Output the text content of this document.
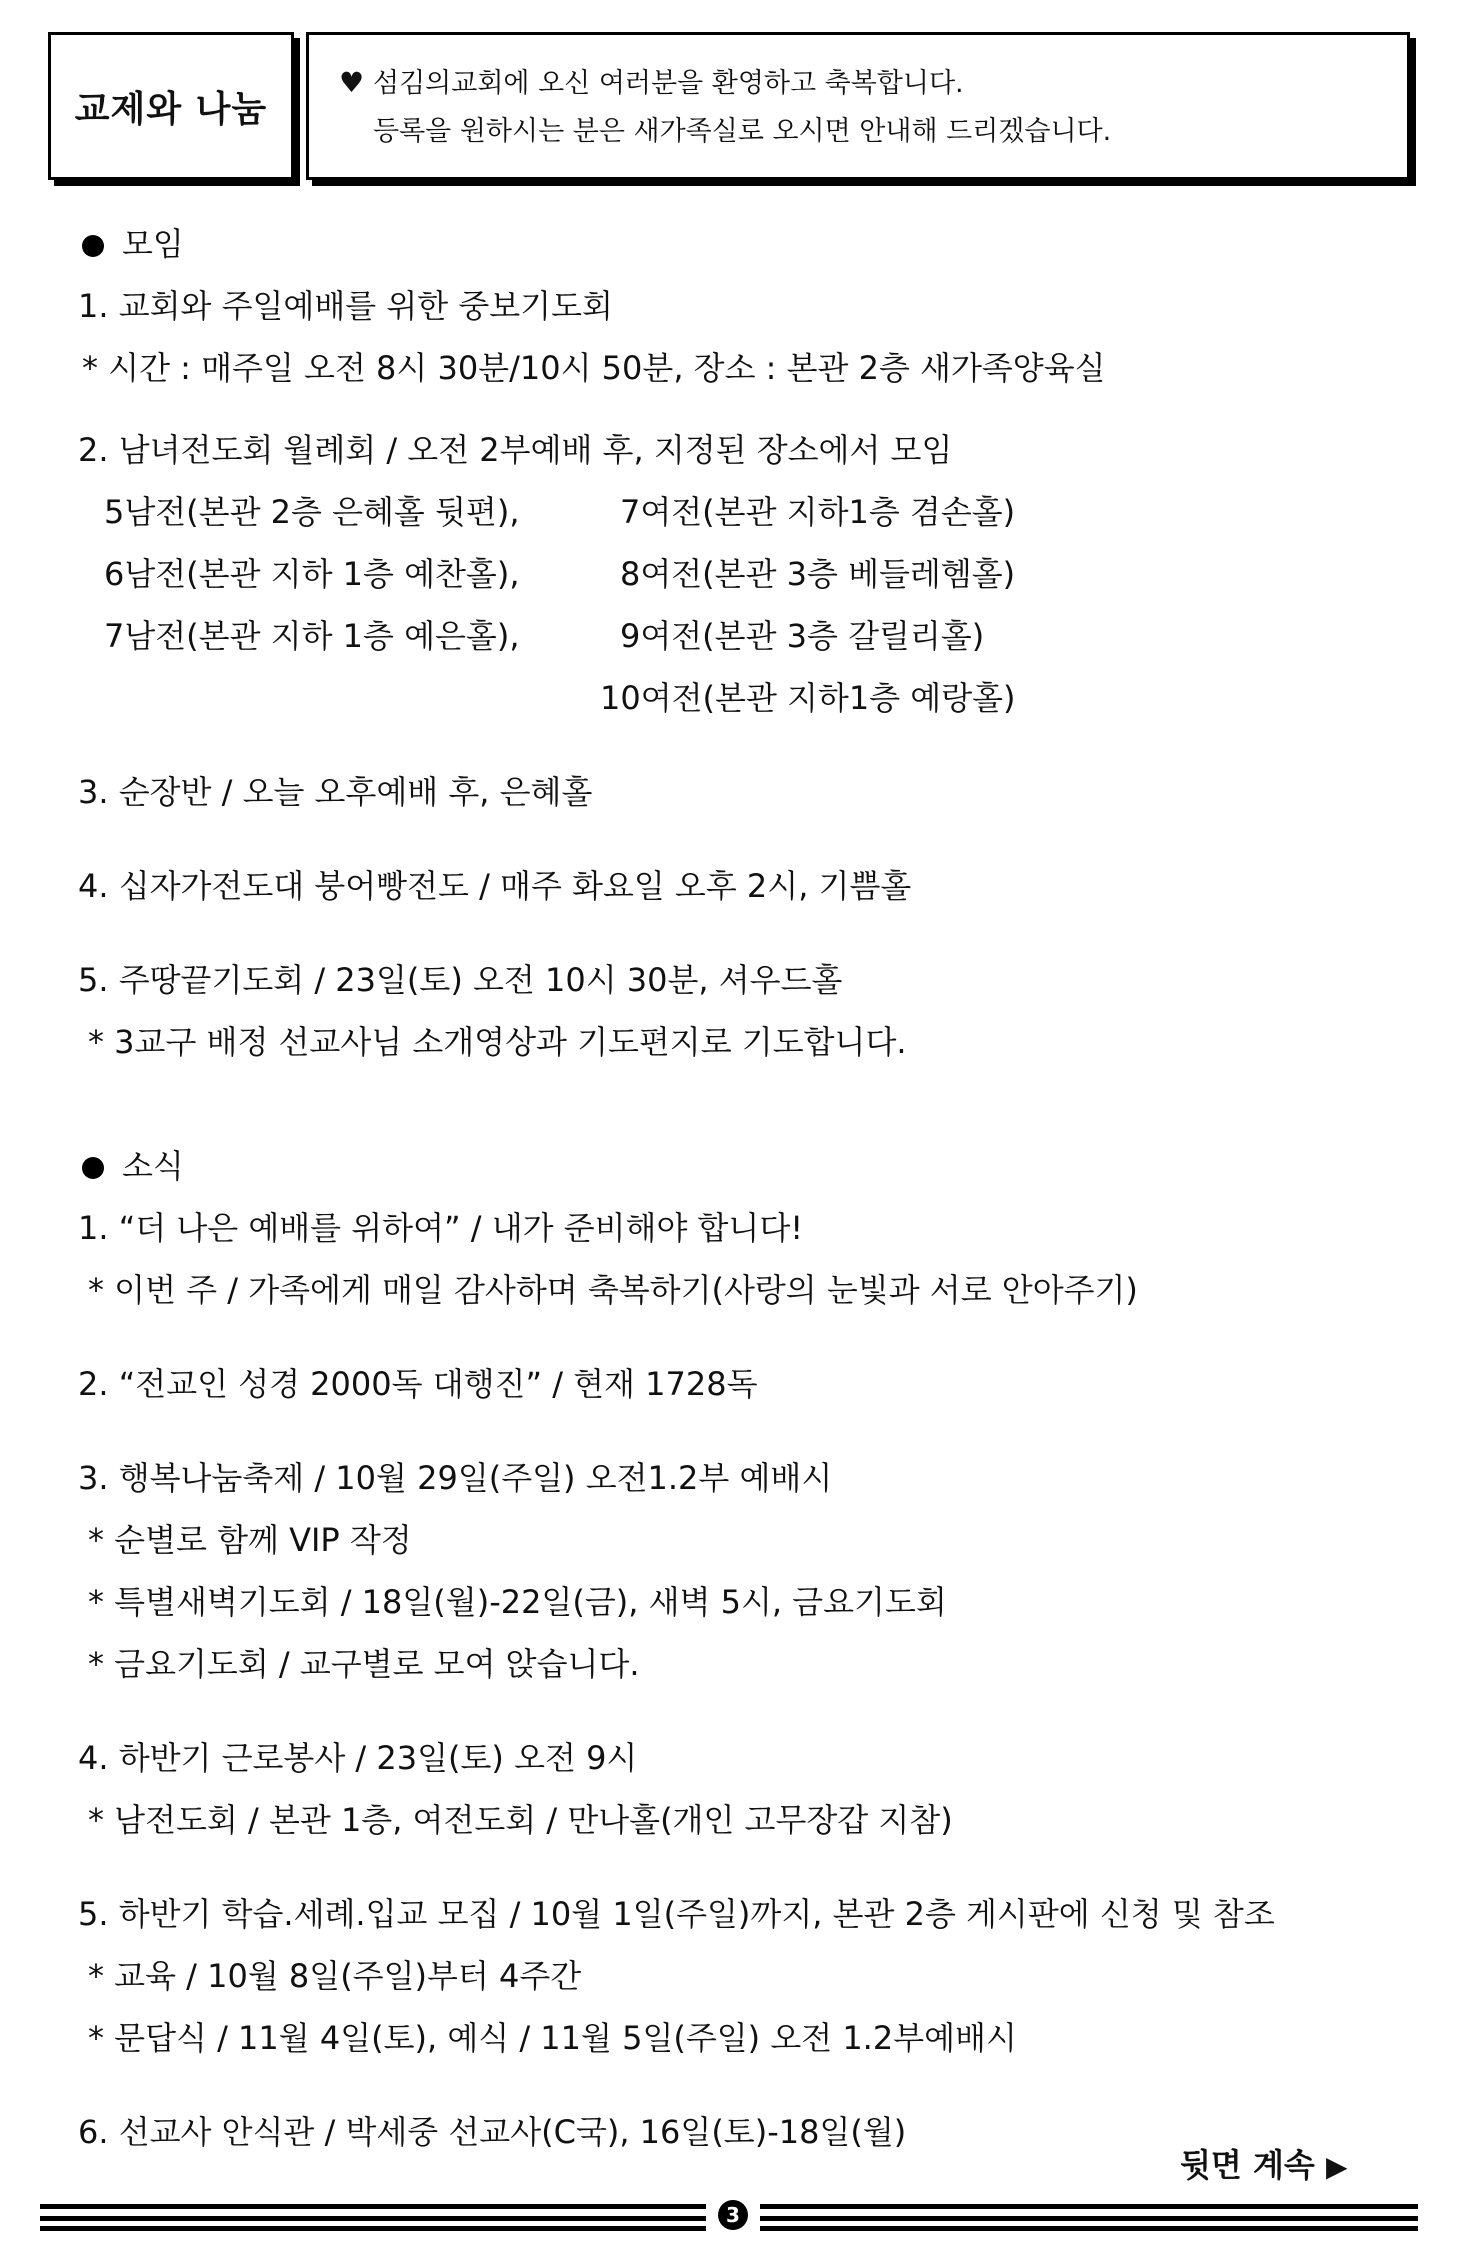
교제와 나눔
♥ 섬김의교회에 오신 여러분을 환영하고 축복합니다.
등록을 원하시는 분은 새가족실로 오시면 안내해 드리겠습니다.
모임
1. 교회와 주일예배를 위한 중보기도회
* 시간 : 매주일 오전 8시 30분/10시 50분, 장소 : 본관 2층 새가족양육실
2. 남녀전도회 월례회 / 오전 2부예배 후, 지정된 장소에서 모임
5남전(본관 2층 은혜홀 뒷편),	7여전(본관 지하1층 겸손홀)
6남전(본관 지하 1층 예찬홀),	8여전(본관 3층 베들레헴홀)
7남전(본관 지하 1층 예은홀),	9여전(본관 3층 갈릴리홀)
10여전(본관 지하1층 예랑홀)
3. 순장반 / 오늘 오후예배 후, 은혜홀
4. 십자가전도대 붕어빵전도 / 매주 화요일 오후 2시, 기쁨홀
5. 주땅끝기도회 / 23일(토) 오전 10시 30분, 셔우드홀
* 3교구 배정 선교사님 소개영상과 기도편지로 기도합니다.
소식
1. “더 나은 예배를 위하여” / 내가 준비해야 합니다!
* 이번 주 / 가족에게 매일 감사하며 축복하기(사랑의 눈빛과 서로 안아주기)
2. “전교인 성경 2000독 대행진” / 현재 1728독
3. 행복나눔축제 / 10월 29일(주일) 오전1.2부 예배시
* 순별로 함께 VIP 작정
* 특별새벽기도회 / 18일(월)-22일(금), 새벽 5시, 금요기도회
* 금요기도회 / 교구별로 모여 앉습니다.
4. 하반기 근로봉사 / 23일(토) 오전 9시
* 남전도회 / 본관 1층, 여전도회 / 만나홀(개인 고무장갑 지참)
5. 하반기 학습.세례.입교 모집 / 10월 1일(주일)까지, 본관 2층 게시판에 신청 및 참조
* 교육 / 10월 8일(주일)부터 4주간
* 문답식 / 11월 4일(토), 예식 / 11월 5일(주일) 오전 1.2부예배시
6. 선교사 안식관 / 박세중 선교사(C국), 16일(토)-18일(월)
뒷면 계속 ▶
3
